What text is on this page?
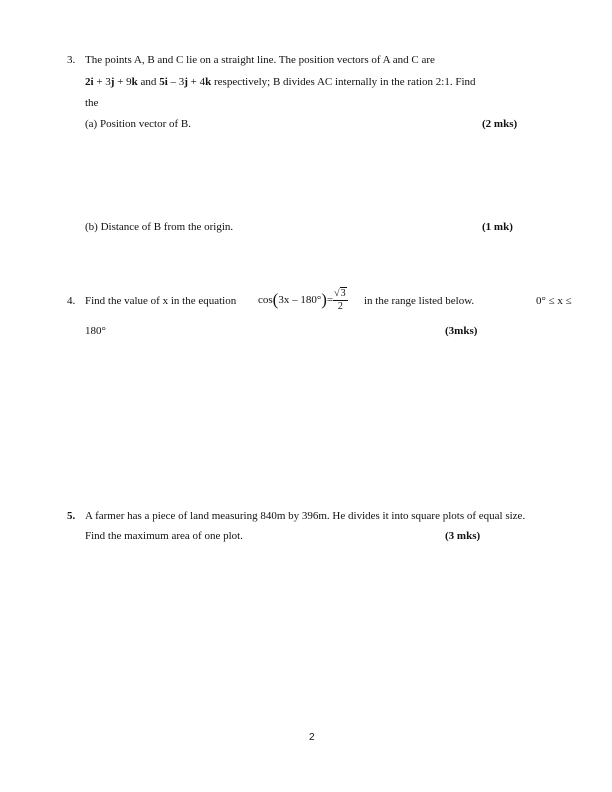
3. The points A, B and C lie on a straight line. The position vectors of A and C are
2i + 3j + 9k and 5i – 3j + 4k respectively; B divides AC internally in the ration 2:1. Find
the
(a) Position vector of B.	(2 mks)
(b) Distance of B from the origin.	(1 mk)
4. Find the value of x in the equation cos ( 3x – 180° ) = $\frac{√3}{2}$ in the range listed below.	0° ≤ x ≤
180°	(3mks)
5. A farmer has a piece of land measuring 840m by 396m. He divides it into square plots of equal size.
Find the maximum area of one plot.	(3 mks)
2
